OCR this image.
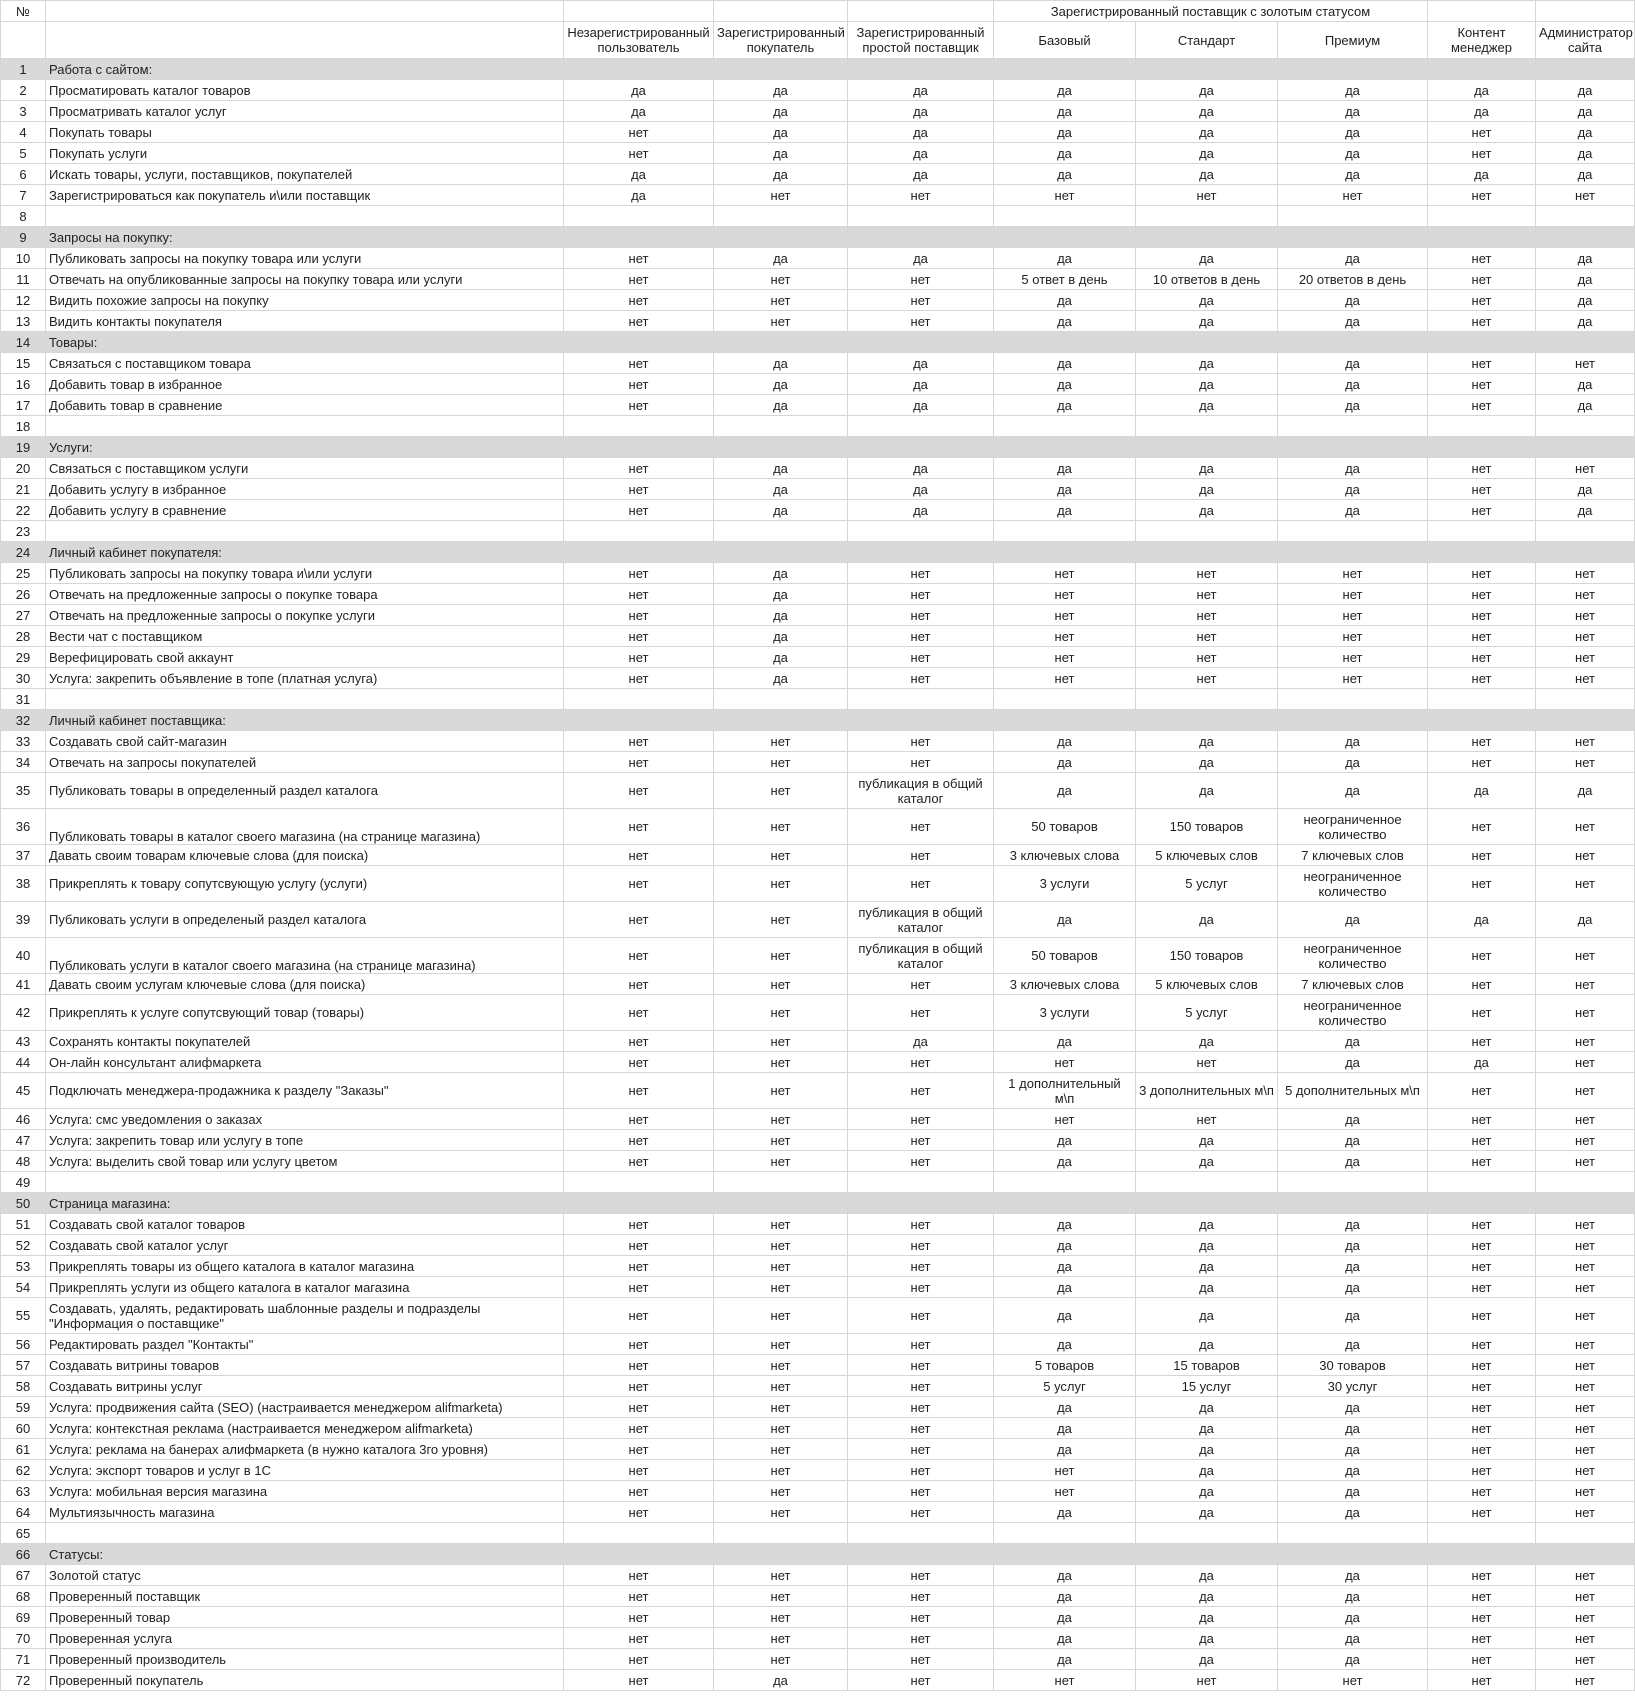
№					Зарегистрированный поставщик с золотым статусом				
		Незарегистрированный пользователь	Зарегистрированный покупатель	Зарегистрированный простой поставщик	Базовый	Стандарт	Премиум	Контент менеджер	Администратор сайта
1	Работа с сайтом:								
2	Просматировать каталог товаров	да	да	да	да	да	да	да	да
3	Просматривать каталог услуг	да	да	да	да	да	да	да	да
4	Покупать товары	нет	да	да	да	да	да	нет	да
5	Покупать услуги	нет	да	да	да	да	да	нет	да
6	Искать товары, услуги, поставщиков, покупателей	да	да	да	да	да	да	да	да
7	Зарегистрироваться как покупатель и\или поставщик	да	нет	нет	нет	нет	нет	нет	нет
8									
9	Запросы на покупку:								
10	Публиковать запросы на покупку товара или услуги	нет	да	да	да	да	да	нет	да
11	Отвечать на опубликованные запросы на покупку товара или услуги	нет	нет	нет	5 ответ в день	10 ответов в день	20 ответов в день	нет	да
12	Видить похожие запросы на покупку	нет	нет	нет	да	да	да	нет	да
13	Видить контакты покупателя	нет	нет	нет	да	да	да	нет	да
14	Товары:								
15	Связаться с поставщиком товара	нет	да	да	да	да	да	нет	нет
16	Добавить товар в избранное	нет	да	да	да	да	да	нет	да
17	Добавить товар в сравнение	нет	да	да	да	да	да	нет	да
18									
19	Услуги:								
20	Связаться с поставщиком услуги	нет	да	да	да	да	да	нет	нет
21	Добавить услугу в избранное	нет	да	да	да	да	да	нет	да
22	Добавить услугу в сравнение	нет	да	да	да	да	да	нет	да
23									
24	Личный кабинет покупателя:								
25	Публиковать запросы на покупку товара и\или услуги	нет	да	нет	нет	нет	нет	нет	нет
26	Отвечать на предложенные запросы о покупке товара	нет	да	нет	нет	нет	нет	нет	нет
27	Отвечать на предложенные запросы о покупке услуги	нет	да	нет	нет	нет	нет	нет	нет
28	Вести чат с поставщиком	нет	да	нет	нет	нет	нет	нет	нет
29	Верефицировать свой аккаунт	нет	да	нет	нет	нет	нет	нет	нет
30	Услуга: закрепить объявление в топе (платная услуга)	нет	да	нет	нет	нет	нет	нет	нет
31									
32	Личный кабинет поставщика:								
33	Создавать свой сайт-магазин	нет	нет	нет	да	да	да	нет	нет
34	Отвечать на запросы покупателей	нет	нет	нет	да	да	да	нет	нет
35	Публиковать товары в определенный раздел каталога	нет	нет	публикация в общий каталог	да	да	да	да	да
36	Публиковать товары в каталог своего магазина (на странице магазина)	нет	нет	нет	50 товаров	150 товаров	неограниченное количество	нет	нет
37	Давать своим товарам ключевые слова (для поиска)	нет	нет	нет	3 ключевых слова	5 ключевых слов	7 ключевых слов	нет	нет
38	Прикреплять к товару сопутсвующую услугу (услуги)	нет	нет	нет	3 услуги	5 услуг	неограниченное количество	нет	нет
39	Публиковать услуги в определеный раздел каталога	нет	нет	публикация в общий каталог	да	да	да	да	да
40	Публиковать услуги в каталог своего магазина (на странице магазина)	нет	нет	публикация в общий каталог	50 товаров	150 товаров	неограниченное количество	нет	нет
41	Давать своим услугам ключевые слова (для поиска)	нет	нет	нет	3 ключевых слова	5 ключевых слов	7 ключевых слов	нет	нет
42	Прикреплять к услуге сопутсвующий товар (товары)	нет	нет	нет	3 услуги	5 услуг	неограниченное количество	нет	нет
43	Сохранять контакты покупателей	нет	нет	да	да	да	да	нет	нет
44	Он-лайн консультант алифмаркета	нет	нет	нет	нет	нет	да	да	нет
45	Подключать менеджера-продажника к разделу "Заказы"	нет	нет	нет	1 дополнительный м\п	3 дополнительных м\п	5 дополнительных м\п	нет	нет
46	Услуга: смс уведомления о заказах	нет	нет	нет	нет	нет	да	нет	нет
47	Услуга: закрепить товар или услугу в топе	нет	нет	нет	да	да	да	нет	нет
48	Услуга: выделить свой товар или услугу цветом	нет	нет	нет	да	да	да	нет	нет
49									
50	Страница магазина:								
51	Создавать свой каталог товаров	нет	нет	нет	да	да	да	нет	нет
52	Создавать свой каталог услуг	нет	нет	нет	да	да	да	нет	нет
53	Прикреплять товары из общего каталога в каталог магазина	нет	нет	нет	да	да	да	нет	нет
54	Прикреплять услуги из общего каталога в каталог магазина	нет	нет	нет	да	да	да	нет	нет
55	Создавать, удалять, редактировать шаблонные разделы и подразделы "Информация о поставщике"	нет	нет	нет	да	да	да	нет	нет
56	Редактировать раздел "Контакты"	нет	нет	нет	да	да	да	нет	нет
57	Создавать витрины товаров	нет	нет	нет	5 товаров	15 товаров	30 товаров	нет	нет
58	Создавать витрины услуг	нет	нет	нет	5 услуг	15 услуг	30 услуг	нет	нет
59	Услуга: продвижения сайта (SEO) (настраивается менеджером alifmarketa)	нет	нет	нет	да	да	да	нет	нет
60	Услуга: контекстная реклама (настраивается менеджером alifmarketa)	нет	нет	нет	да	да	да	нет	нет
61	Услуга: реклама на банерах алифмаркета (в нужно каталога 3го уровня)	нет	нет	нет	да	да	да	нет	нет
62	Услуга: экспорт товаров и услуг в 1С	нет	нет	нет	нет	да	да	нет	нет
63	Услуга: мобильная версия магазина	нет	нет	нет	нет	да	да	нет	нет
64	Мультиязычность магазина	нет	нет	нет	да	да	да	нет	нет
65									
66	Статусы:								
67	Золотой статус	нет	нет	нет	да	да	да	нет	нет
68	Проверенный поставщик	нет	нет	нет	да	да	да	нет	нет
69	Проверенный товар	нет	нет	нет	да	да	да	нет	нет
70	Проверенная услуга	нет	нет	нет	да	да	да	нет	нет
71	Проверенный производитель	нет	нет	нет	да	да	да	нет	нет
72	Проверенный покупатель	нет	да	нет	нет	нет	нет	нет	нет
